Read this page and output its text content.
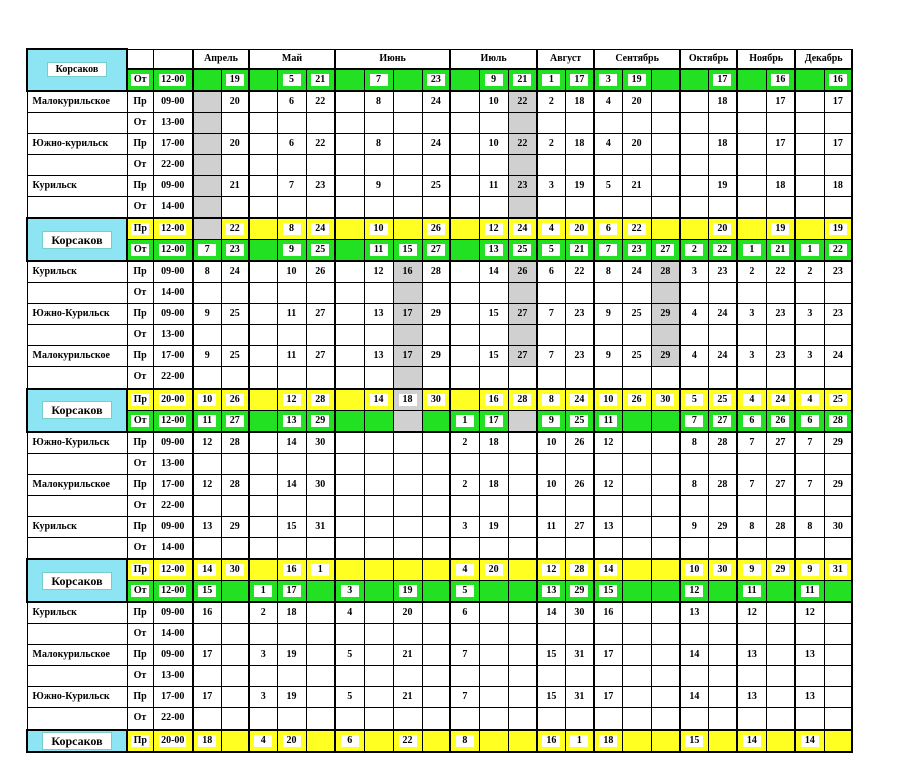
Корсаков			Апрель		Май			Июнь				Июль			Август		Сентябрь			Октябрь		Ноябрь		Декабрь	
	От	12-00		19		5	21		7		23		9	21	1	17	3	19			17		16		16
Малокурильское	Пр	09-00		20		6	22		8		24		10	22	2	18	4	20			18		17		17
	От	13-00																							
Южно-курильск	Пр	17-00		20		6	22		8		24		10	22	2	18	4	20			18		17		17
	От	22-00																							
Курильск	Пр	09-00		21		7	23		9		25		11	23	3	19	5	21			19		18		18
	От	14-00																							
Корсаков	Пр	12-00		22		8	24		10		26		12	24	4	20	6	22			20		19		19
	От	12-00	7	23		9	25		11	15	27		13	25	5	21	7	23	27	2	22	1	21	1	22
Курильск	Пр	09-00	8	24		10	26		12	16	28		14	26	6	22	8	24	28	3	23	2	22	2	23
	От	14-00																							
Южно-Курильск	Пр	09-00	9	25		11	27		13	17	29		15	27	7	23	9	25	29	4	24	3	23	3	23
	От	13-00																							
Малокурильское	Пр	17-00	9	25		11	27		13	17	29		15	27	7	23	9	25	29	4	24	3	23	3	24
	От	22-00																							
Корсаков	Пр	20-00	10	26		12	28		14	18	30		16	28	8	24	10	26	30	5	25	4	24	4	25
	От	12-00	11	27		13	29					1	17		9	25	11			7	27	6	26	6	28
Южно-Курильск	Пр	09-00	12	28		14	30					2	18		10	26	12			8	28	7	27	7	29
	От	13-00																							
Малокурильское	Пр	17-00	12	28		14	30					2	18		10	26	12			8	28	7	27	7	29
	От	22-00																							
Курильск	Пр	09-00	13	29		15	31					3	19		11	27	13			9	29	8	28	8	30
	От	14-00																							
Корсаков	Пр	12-00	14	30		16	1					4	20		12	28	14			10	30	9	29	9	31
	От	12-00	15		1	17		3		19		5			13	29	15			12		11		11	
Курильск	Пр	09-00	16		2	18		4		20		6			14	30	16			13		12		12	
	От	14-00																							
Малокурильское	Пр	09-00	17		3	19		5		21		7			15	31	17			14		13		13	
	От	13-00																							
Южно-Курильск	Пр	17-00	17		3	19		5		21		7			15	31	17			14		13		13	
	От	22-00																							
Корсаков	Пр	20-00	18		4	20		6		22		8			16	1	18			15		14		14	
